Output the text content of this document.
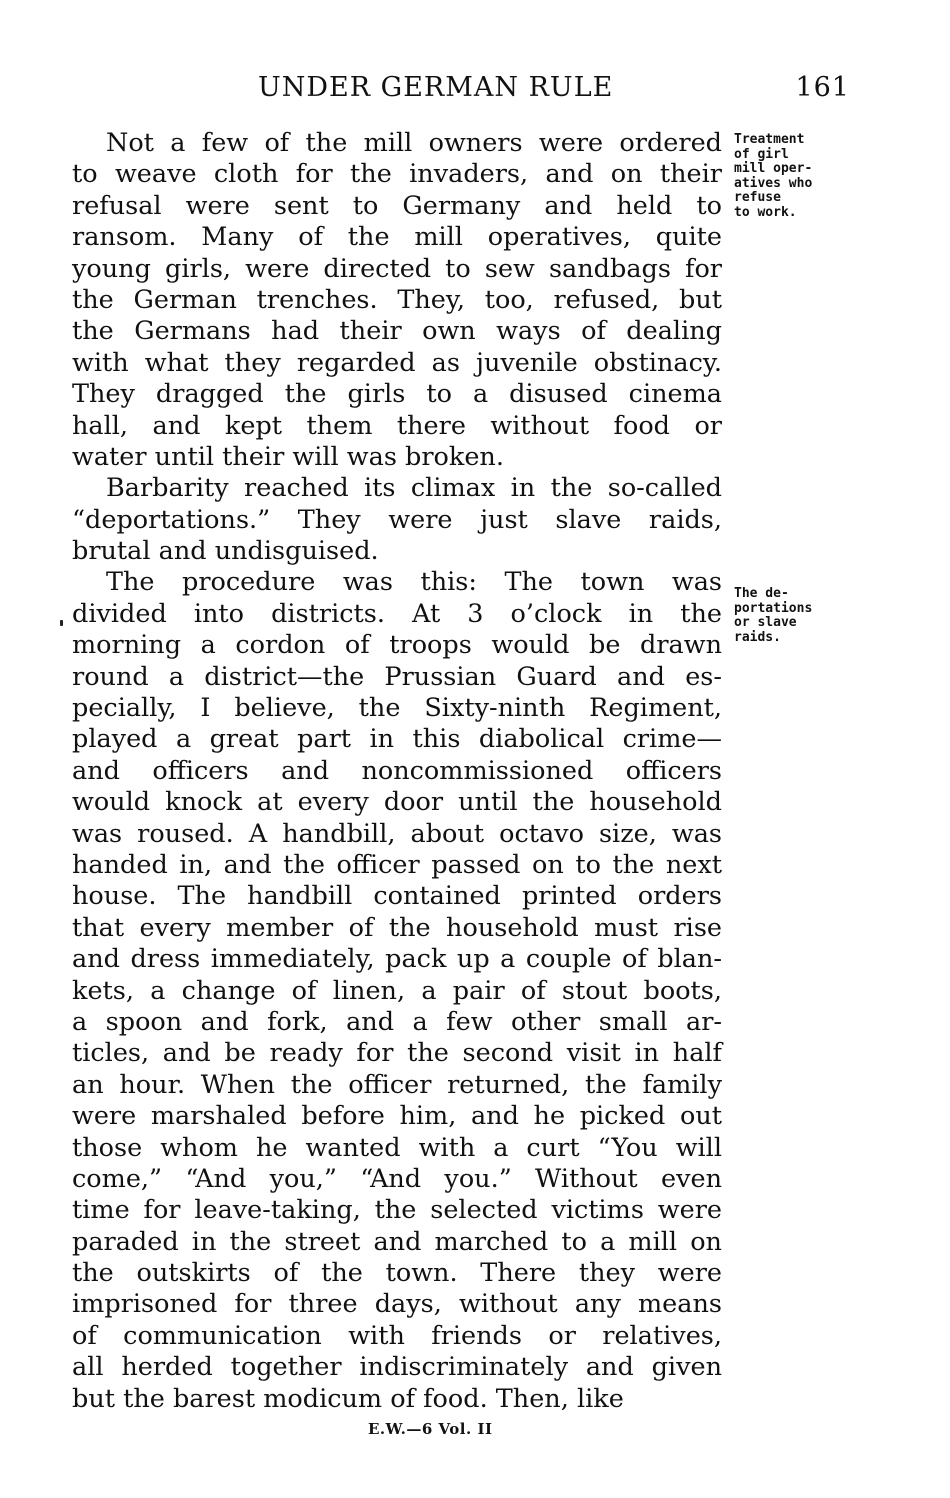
UNDER GERMAN RULE	161
Not a few of the mill owners were ordered
to weave cloth for the invaders, and on their
refusal were sent to Germany and held to
ransom. Many of the mill operatives, quite
young girls, were directed to sew sandbags for
the German trenches. They, too, refused, but
the Germans had their own ways of dealing
with what they regarded as juvenile obstinacy.
They dragged the girls to a disused cinema
hall, and kept them there without food or
water until their will was broken.
Barbarity reached its climax in the so-called
“deportations.” They were just slave raids,
brutal and undisguised.
The procedure was this: The town was
divided into districts. At 3 o’clock in the
morning a cordon of troops would be drawn
round a district—the Prussian Guard and es-
pecially, I believe, the Sixty-ninth Regiment,
played a great part in this diabolical crime—
and officers and noncommissioned officers
would knock at every door until the household
was roused. A handbill, about octavo size, was
handed in, and the officer passed on to the next
house. The handbill contained printed orders
that every member of the household must rise
and dress immediately, pack up a couple of blan-
kets, a change of linen, a pair of stout boots,
a spoon and fork, and a few other small ar-
ticles, and be ready for the second visit in half
an hour. When the officer returned, the family
were marshaled before him, and he picked out
those whom he wanted with a curt “You will
come,” “And you,” “And you.” Without even
time for leave-taking, the selected victims were
paraded in the street and marched to a mill on
the outskirts of the town. There they were
imprisoned for three days, without any means
of communication with friends or relatives,
all herded together indiscriminately and given
but the barest modicum of food. Then, like
Treatment
of girl
mill oper-
atives who
refuse
to work.
The de-
portations
or slave
raids.
E.W.—6 Vol. II
